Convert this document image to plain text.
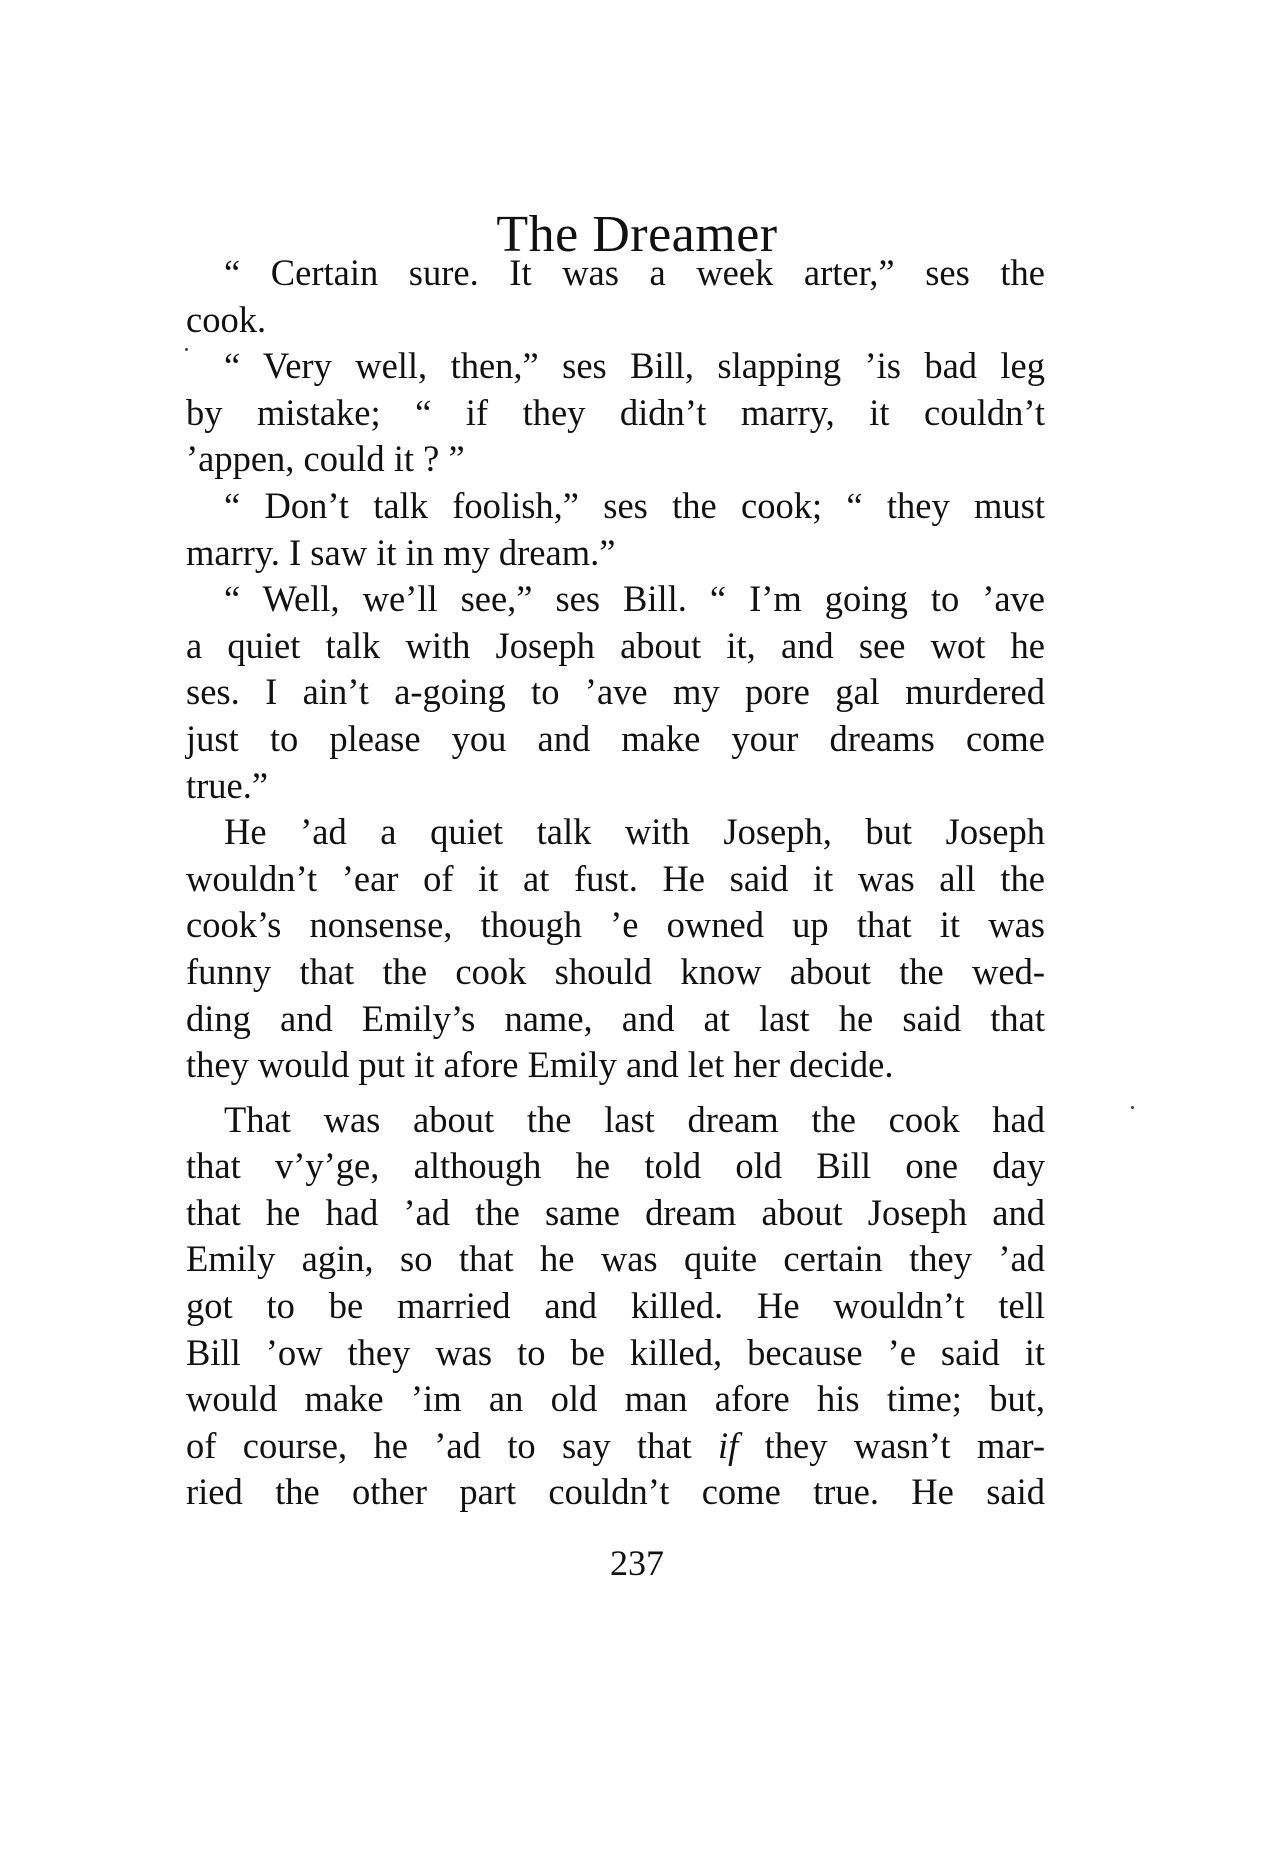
The Dreamer
“ Certain sure. It was a week arter,” ses the
cook.
“ Very well, then,” ses Bill, slapping ’is bad leg
by mistake; “ if they didn’t marry, it couldn’t
’appen, could it ? ”
“ Don’t talk foolish,” ses the cook; “ they must
marry. I saw it in my dream.”
“ Well, we’ll see,” ses Bill. “ I’m going to ’ave
a quiet talk with Joseph about it, and see wot he
ses. I ain’t a-going to ’ave my pore gal murdered
just to please you and make your dreams come
true.”
He ’ad a quiet talk with Joseph, but Joseph
wouldn’t ’ear of it at fust. He said it was all the
cook’s nonsense, though ’e owned up that it was
funny that the cook should know about the wed-
ding and Emily’s name, and at last he said that
they would put it afore Emily and let her decide.
That was about the last dream the cook had
that v’y’ge, although he told old Bill one day
that he had ’ad the same dream about Joseph and
Emily agin, so that he was quite certain they ’ad
got to be married and killed. He wouldn’t tell
Bill ’ow they was to be killed, because ’e said it
would make ’im an old man afore his time; but,
of course, he ’ad to say that if they wasn’t mar-
ried the other part couldn’t come true. He said
237
